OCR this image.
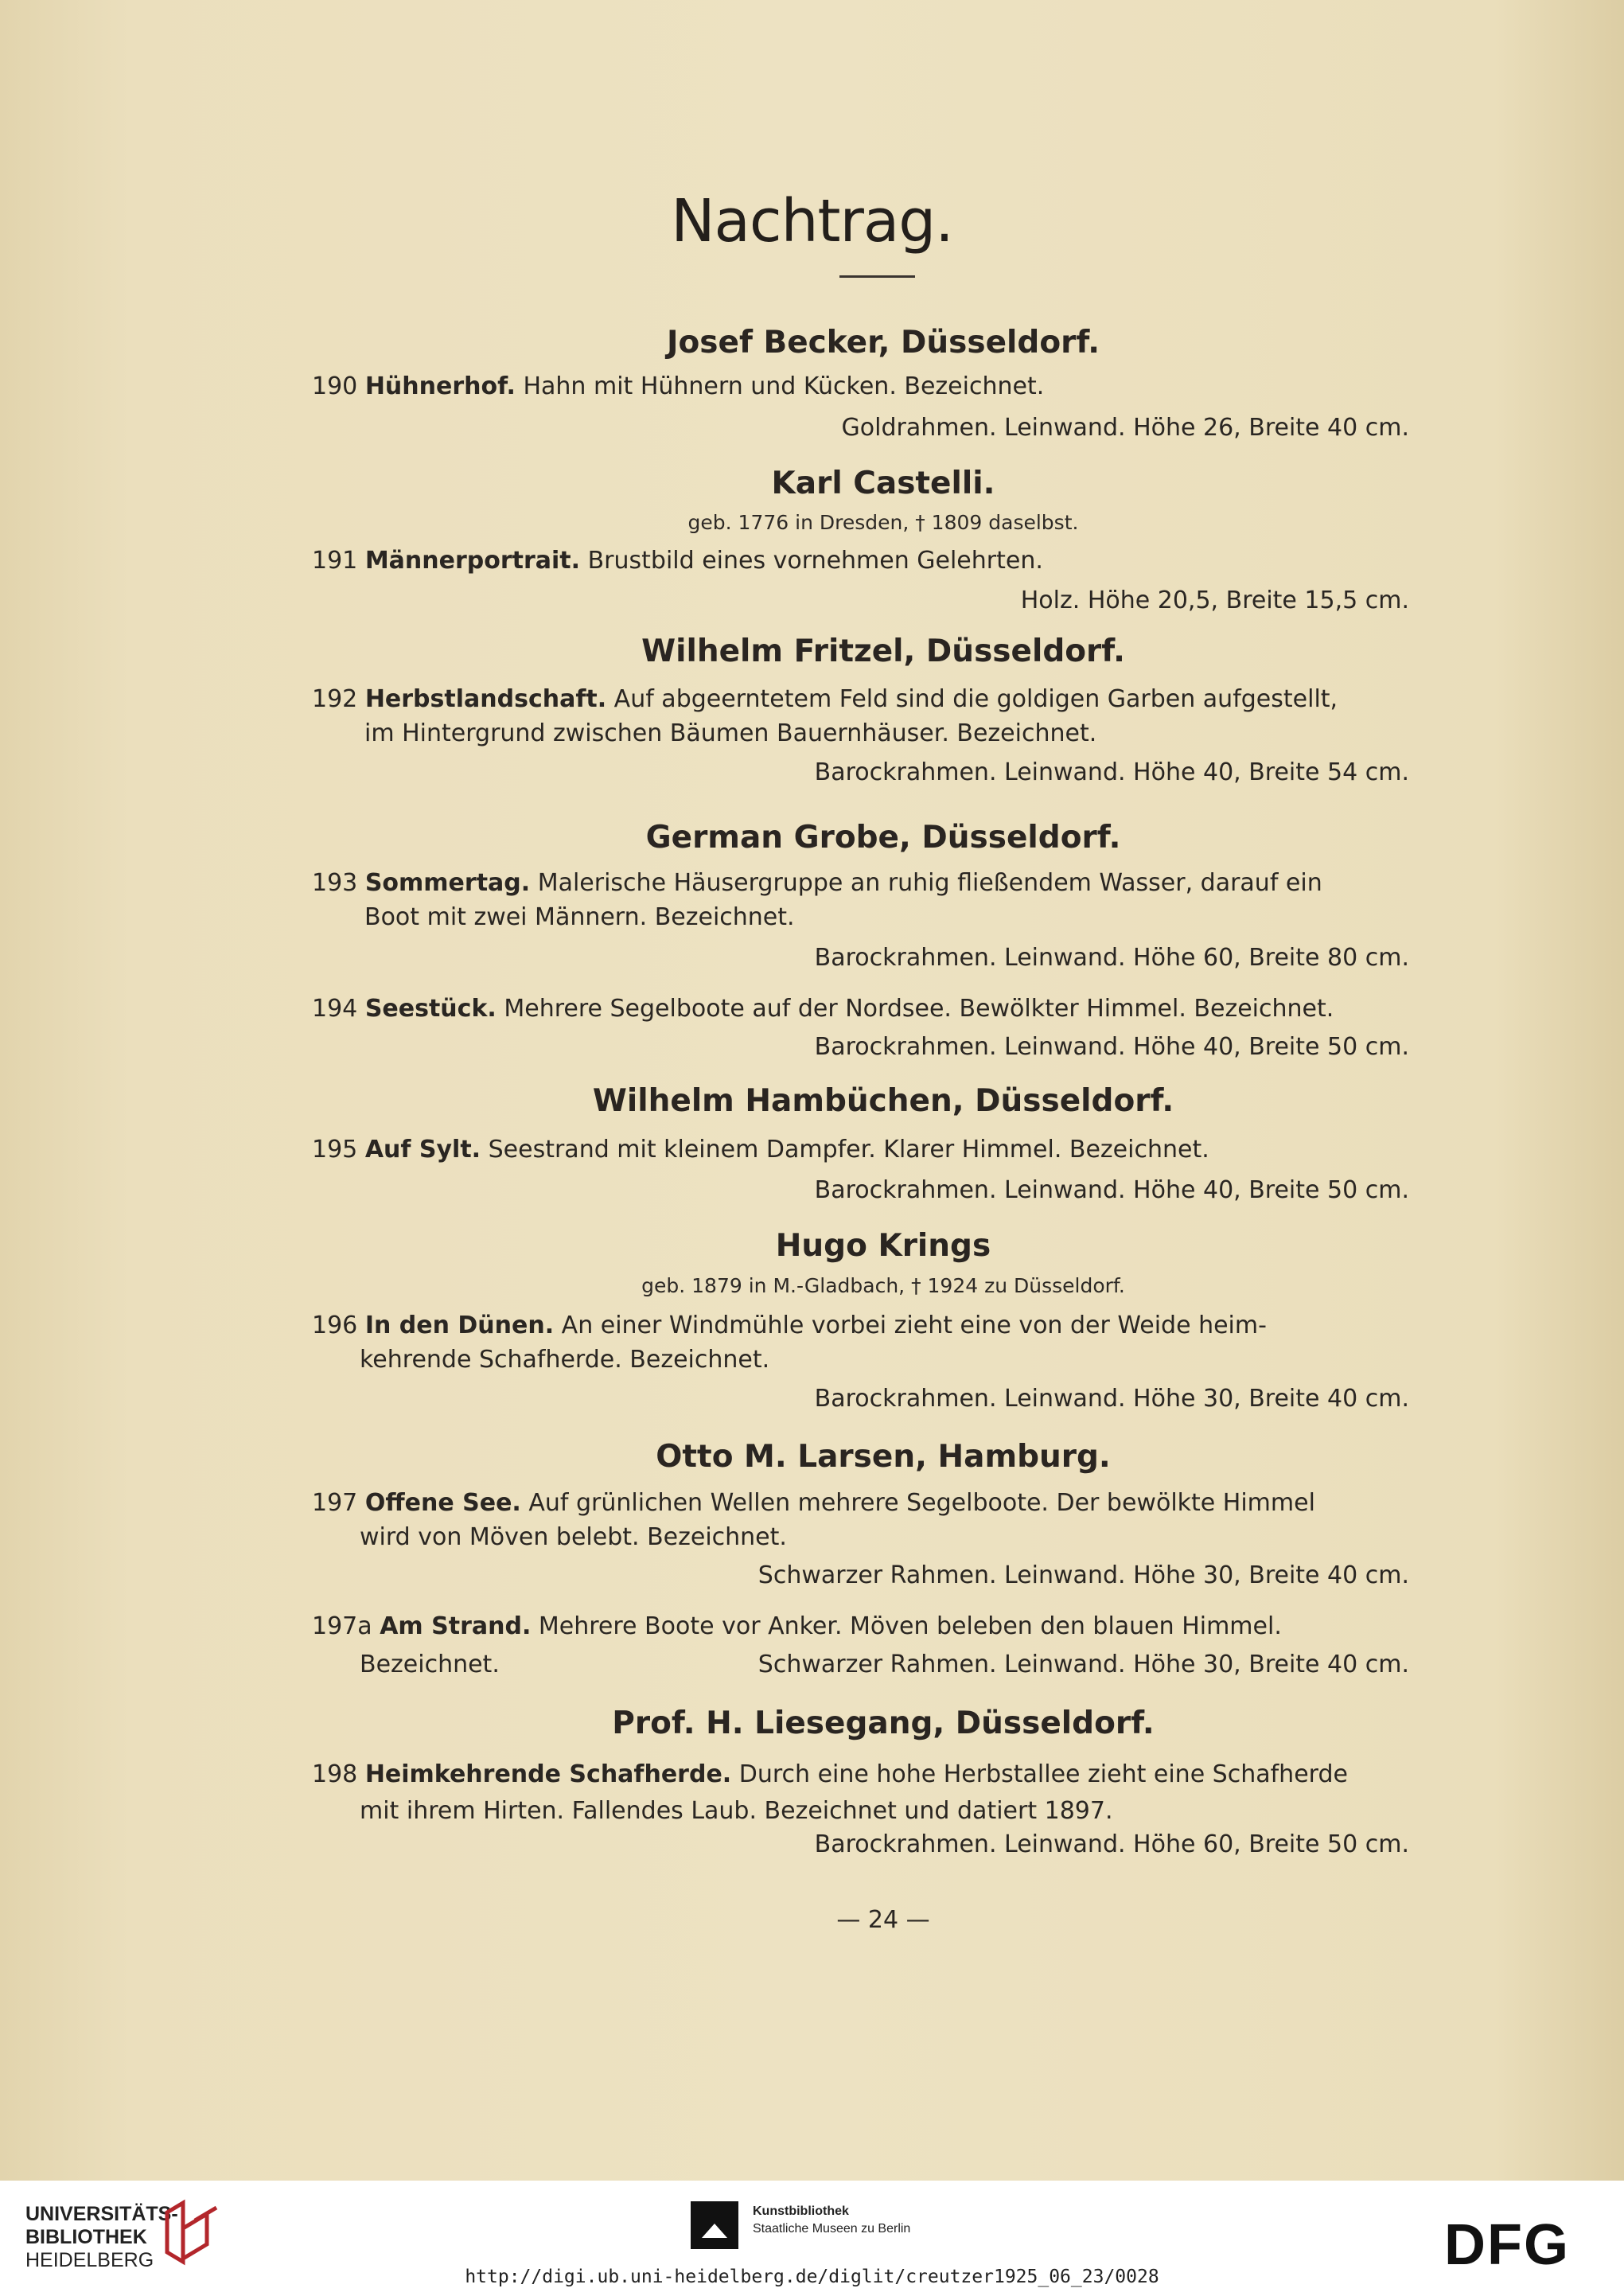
Nachtrag.
Josef Becker, Düsseldorf.
190 Hühnerhof. Hahn mit Hühnern und Kücken. Bezeichnet.
Goldrahmen. Leinwand. Höhe 26, Breite 40 cm.
Karl Castelli.
geb. 1776 in Dresden, † 1809 daselbst.
191 Männerportrait. Brustbild eines vornehmen Gelehrten.
Holz. Höhe 20,5, Breite 15,5 cm.
Wilhelm Fritzel, Düsseldorf.
192 Herbstlandschaft. Auf abgeerntetem Feld sind die goldigen Garben aufgestellt,
im Hintergrund zwischen Bäumen Bauernhäuser. Bezeichnet.
Barockrahmen. Leinwand. Höhe 40, Breite 54 cm.
German Grobe, Düsseldorf.
193 Sommertag. Malerische Häusergruppe an ruhig fließendem Wasser, darauf ein
Boot mit zwei Männern. Bezeichnet.
Barockrahmen. Leinwand. Höhe 60, Breite 80 cm.
194 Seestück. Mehrere Segelboote auf der Nordsee. Bewölkter Himmel. Bezeichnet.
Barockrahmen. Leinwand. Höhe 40, Breite 50 cm.
Wilhelm Hambüchen, Düsseldorf.
195 Auf Sylt. Seestrand mit kleinem Dampfer. Klarer Himmel. Bezeichnet.
Barockrahmen. Leinwand. Höhe 40, Breite 50 cm.
Hugo Krings
geb. 1879 in M.-Gladbach, † 1924 zu Düsseldorf.
196 In den Dünen. An einer Windmühle vorbei zieht eine von der Weide heim-
kehrende Schafherde. Bezeichnet.
Barockrahmen. Leinwand. Höhe 30, Breite 40 cm.
Otto M. Larsen, Hamburg.
197 Offene See. Auf grünlichen Wellen mehrere Segelboote. Der bewölkte Himmel
wird von Möven belebt. Bezeichnet.
Schwarzer Rahmen. Leinwand. Höhe 30, Breite 40 cm.
197a Am Strand. Mehrere Boote vor Anker. Möven beleben den blauen Himmel.
Bezeichnet.	Schwarzer Rahmen. Leinwand. Höhe 30, Breite 40 cm.
Prof. H. Liesegang, Düsseldorf.
198 Heimkehrende Schafherde. Durch eine hohe Herbstallee zieht eine Schafherde
mit ihrem Hirten. Fallendes Laub. Bezeichnet und datiert 1897.
Barockrahmen. Leinwand. Höhe 60, Breite 50 cm.
— 24 —
UNIVERSITÄTS-
BIBLIOTHEK
HEIDELBERG
Kunstbibliothek
Staatliche Museen zu Berlin	DFG
http://digi.ub.uni-heidelberg.de/diglit/creutzer1925_06_23/0028
